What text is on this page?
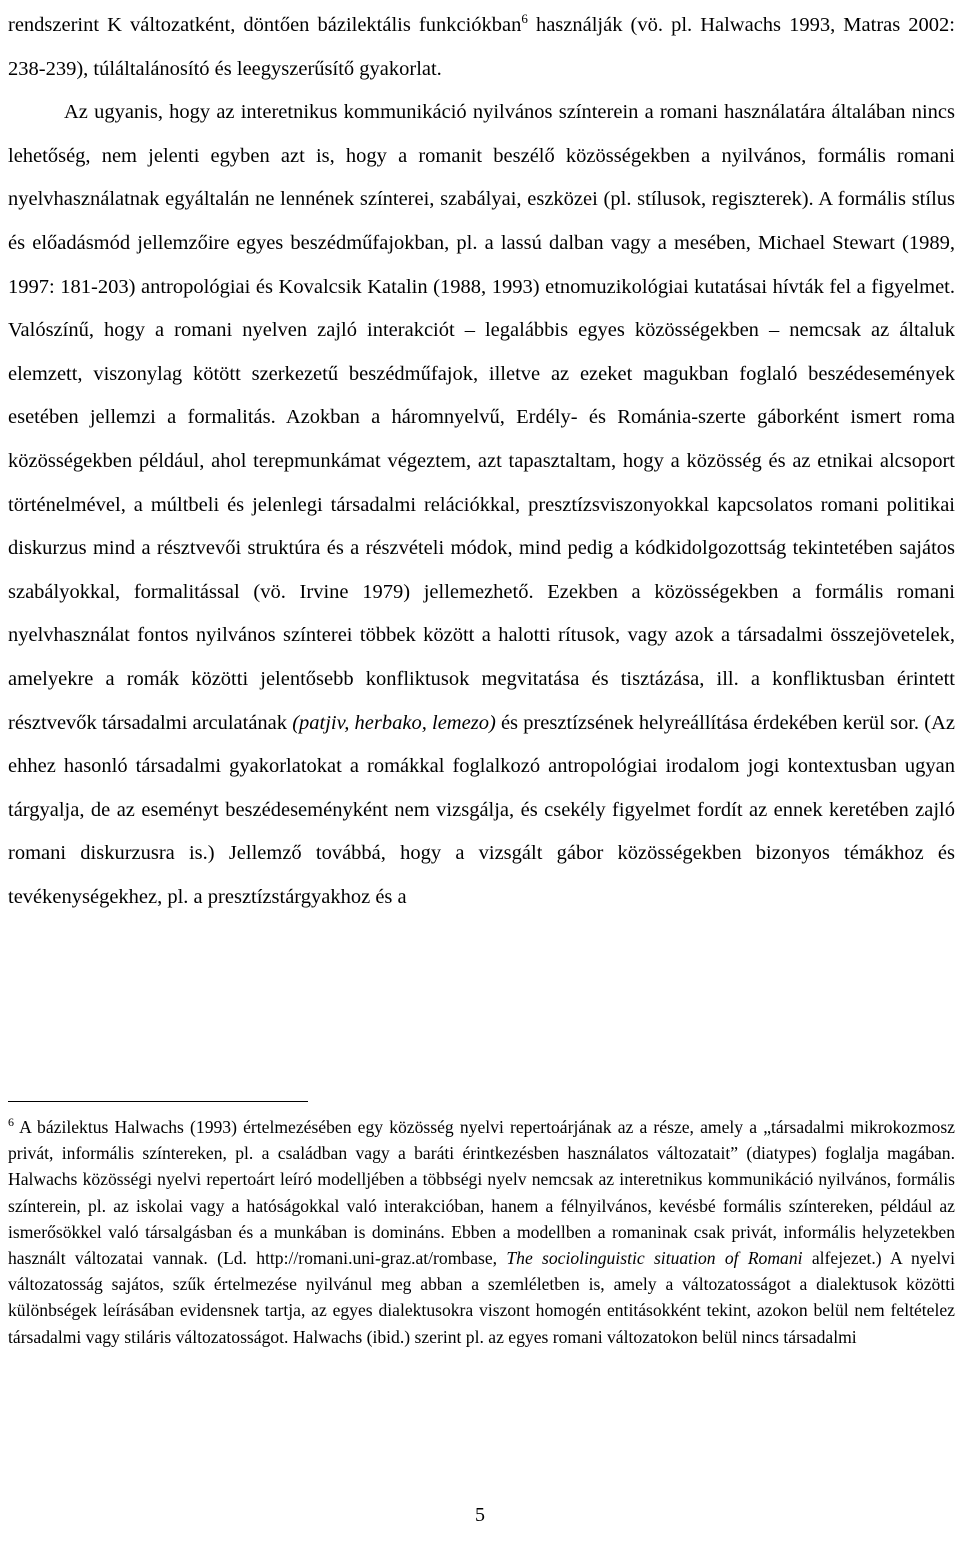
rendszerint K változatként, döntően bázilektális funkciókban$^6$ használják (vö. pl. Halwachs 1993, Matras 2002: 238-239), túláltalánosító és leegyszerűsítő gyakorlat.

Az ugyanis, hogy az interetnikus kommunikáció nyilvános színterein a romani használatára általában nincs lehetőség, nem jelenti egyben azt is, hogy a romanit beszélő közösségekben a nyilvános, formális romani nyelvhasználatnak egyáltalán ne lennének színterei, szabályai, eszközei (pl. stílusok, regiszterek). A formális stílus és előadásmód jellemzőire egyes beszédműfajokban, pl. a lassú dalban vagy a mesében, Michael Stewart (1989, 1997: 181-203) antropológiai és Kovalcsik Katalin (1988, 1993) etnomuzikológiai kutatásai hívták fel a figyelmet. Valószínű, hogy a romani nyelven zajló interakciót – legalábbis egyes közösségekben – nemcsak az általuk elemzett, viszonylag kötött szerkezetű beszédműfajok, illetve az ezeket magukban foglaló beszédesemények esetében jellemzi a formalitás. Azokban a háromnyelvű, Erdély- és Románia-szerte gáborként ismert roma közösségekben például, ahol terepmunkámat végeztem, azt tapasztaltam, hogy a közösség és az etnikai alcsoport történelmével, a múltbeli és jelenlegi társadalmi relációkkal, presztízsviszonyokkal kapcsolatos romani politikai diskurzus mind a résztvevői struktúra és a részvételi módok, mind pedig a kódkidolgozottság tekintetében sajátos szabályokkal, formalitással (vö. Irvine 1979) jellemezhető. Ezekben a közösségekben a formális romani nyelvhasználat fontos nyilvános színterei többek között a halotti rítusok, vagy azok a társadalmi összejövetelek, amelyekre a romák közötti jelentősebb konfliktusok megvitatása és tisztázása, ill. a konfliktusban érintett résztvevők társadalmi arculatának (patjiv, herbako, lemezo) és presztízsének helyreállítása érdekében kerül sor. (Az ehhez hasonló társadalmi gyakorlatokat a romákkal foglalkozó antropológiai irodalom jogi kontextusban ugyan tárgyalja, de az eseményt beszédeseményként nem vizsgálja, és csekély figyelmet fordít az ennek keretében zajló romani diskurzusra is.) Jellemző továbbá, hogy a vizsgált gábor közösségekben bizonyos témákhoz és tevékenységekhez, pl. a presztízstárgyakhoz és a

$^6$ A bázilektus Halwachs (1993) értelmezésében egy közösség nyelvi repertoárjának az a része, amely a „társadalmi mikrokozmosz privát, informális színtereken, pl. a családban vagy a baráti érintkezésben használatos változatait” (diatypes) foglalja magában. Halwachs közösségi nyelvi repertoárt leíró modelljében a többségi nyelv nemcsak az interetnikus kommunikáció nyilvános, formális színterein, pl. az iskolai vagy a hatóságokkal való interakcióban, hanem a félnyilvános, kevésbé formális színtereken, például az ismerősökkel való társalgásban és a munkában is domináns. Ebben a modellben a romaninak csak privát, informális helyzetekben használt változatai vannak. (Ld. http://romani.uni-graz.at/rombase, The sociolinguistic situation of Romani alfejezet.) A nyelvi változatosság sajátos, szűk értelmezése nyilvánul meg abban a szemléletben is, amely a változatosságot a dialektusok közötti különbségek leírásában evidensnek tartja, az egyes dialektusokra viszont homogén entitásokként tekint, azokon belül nem feltételez társadalmi vagy stiláris változatosságot. Halwachs (ibid.) szerint pl. az egyes romani változatokon belül nincs társadalmi

5
